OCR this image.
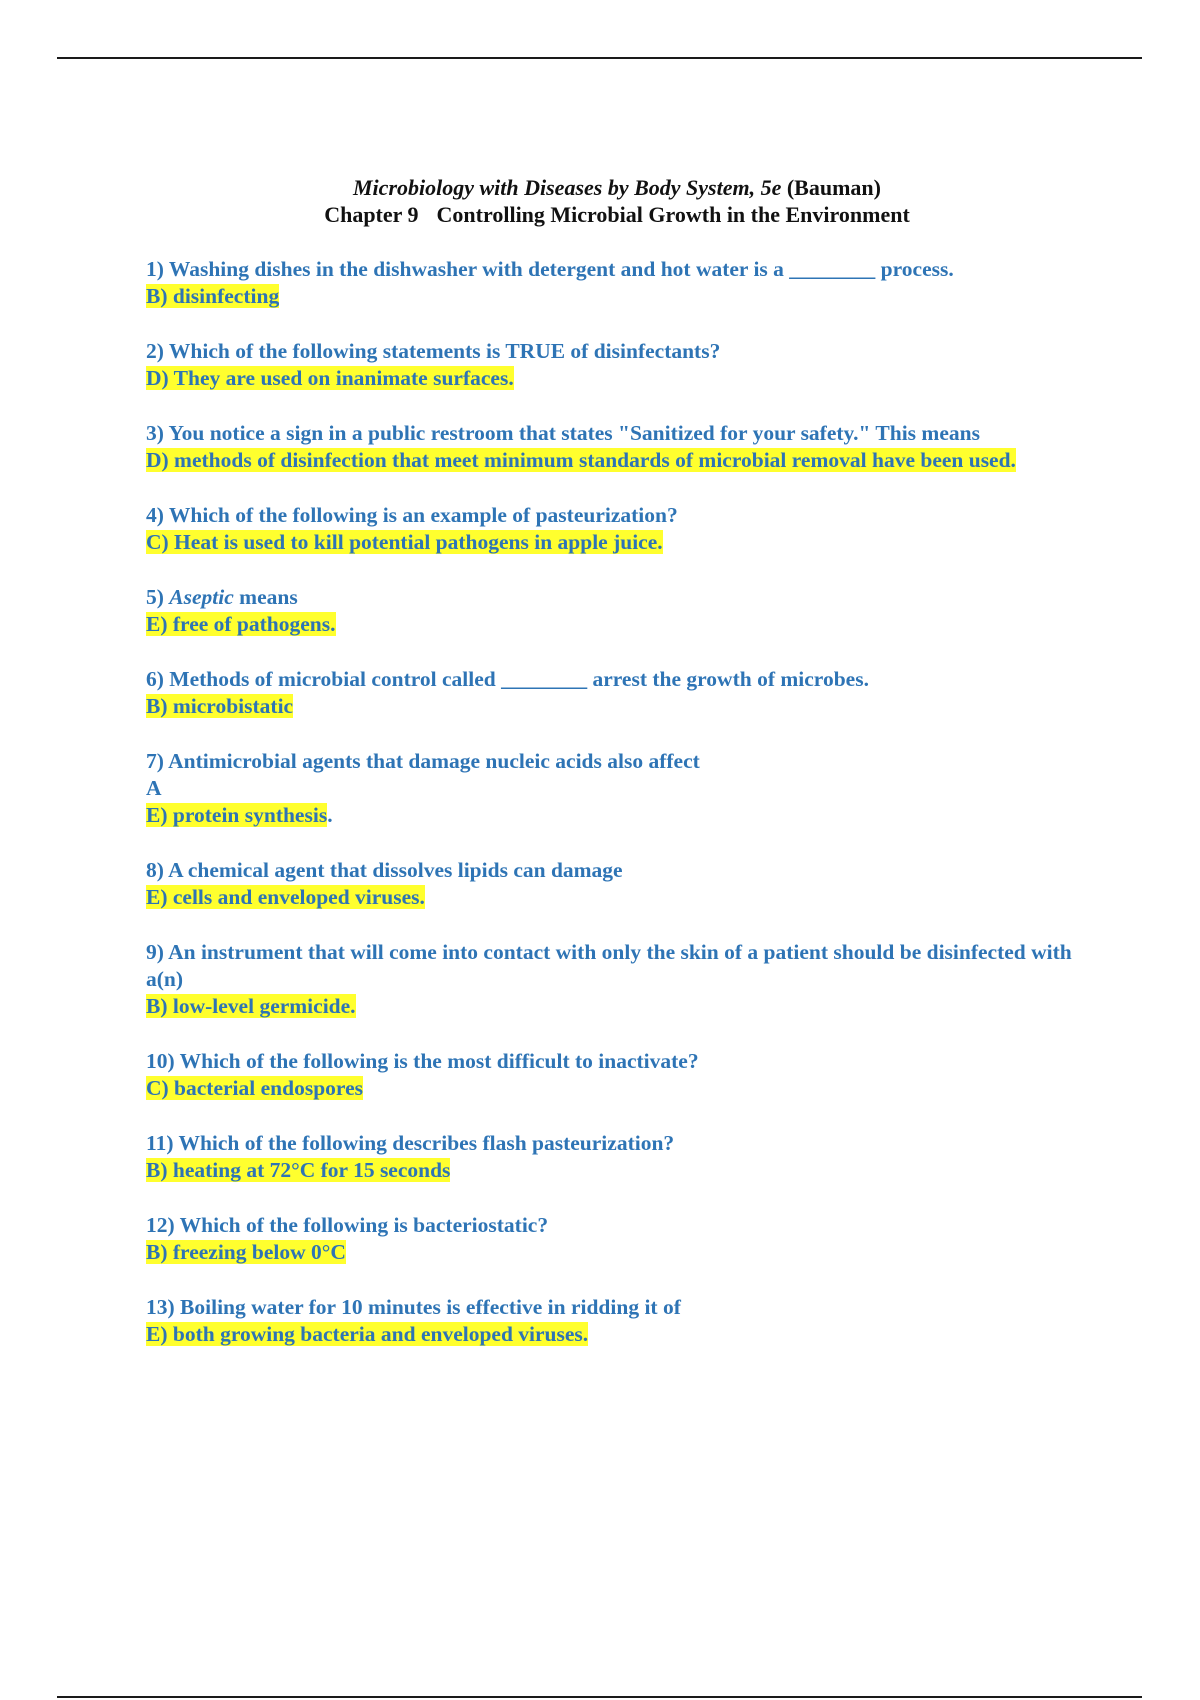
Microbiology with Diseases by Body System, 5e (Bauman)
Chapter 9 Controlling Microbial Growth in the Environment
1) Washing dishes in the dishwasher with detergent and hot water is a ________ process.
B) disinfecting
2) Which of the following statements is TRUE of disinfectants?
D) They are used on inanimate surfaces.
3) You notice a sign in a public restroom that states "Sanitized for your safety." This means
D) methods of disinfection that meet minimum standards of microbial removal have been used.
4) Which of the following is an example of pasteurization?
C) Heat is used to kill potential pathogens in apple juice.
5) Aseptic means
E) free of pathogens.
6) Methods of microbial control called ________ arrest the growth of microbes.
B) microbistatic
7) Antimicrobial agents that damage nucleic acids also affect
A
E) protein synthesis.
8) A chemical agent that dissolves lipids can damage
E) cells and enveloped viruses.
9) An instrument that will come into contact with only the skin of a patient should be disinfected with a(n)
B) low-level germicide.
10) Which of the following is the most difficult to inactivate?
C) bacterial endospores
11) Which of the following describes flash pasteurization?
B) heating at 72°C for 15 seconds
12) Which of the following is bacteriostatic?
B) freezing below 0°C
13) Boiling water for 10 minutes is effective in ridding it of
E) both growing bacteria and enveloped viruses.
